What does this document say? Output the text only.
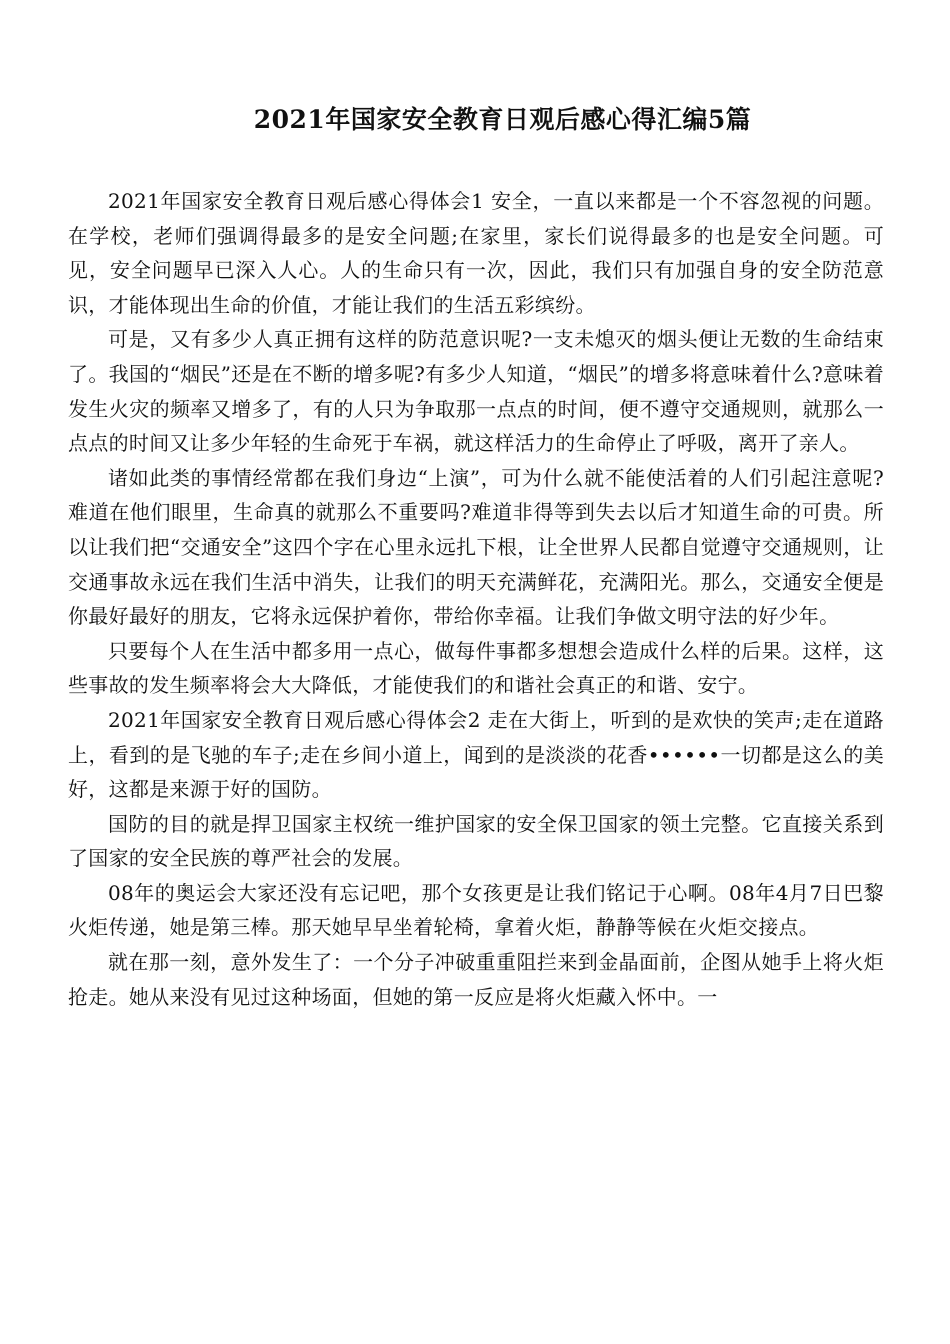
2021年国家安全教育日观后感心得汇编5篇

2021年国家安全教育日观后感心得体会1 安全，一直以来都是一个不容忽视的问题。在学校，老师们强调得最多的是安全问题;在家里，家长们说得最多的也是安全问题。可见，安全问题早已深入人心。人的生命只有一次，因此，我们只有加强自身的安全防范意识，才能体现出生命的价值，才能让我们的生活五彩缤纷。

可是，又有多少人真正拥有这样的防范意识呢?一支未熄灭的烟头便让无数的生命结束了。我国的“烟民”还是在不断的增多呢?有多少人知道，“烟民”的增多将意味着什么?意味着发生火灾的频率又增多了，有的人只为争取那一点点的时间，便不遵守交通规则，就那么一点点的时间又让多少年轻的生命死于车祸，就这样活力的生命停止了呼吸，离开了亲人。

诸如此类的事情经常都在我们身边“上演”，可为什么就不能使活着的人们引起注意呢?难道在他们眼里，生命真的就那么不重要吗?难道非得等到失去以后才知道生命的可贵。所以让我们把“交通安全”这四个字在心里永远扎下根，让全世界人民都自觉遵守交通规则，让交通事故永远在我们生活中消失，让我们的明天充满鲜花，充满阳光。那么，交通安全便是你最好最好的朋友，它将永远保护着你，带给你幸福。让我们争做文明守法的好少年。

只要每个人在生活中都多用一点心，做每件事都多想想会造成什么样的后果。这样，这些事故的发生频率将会大大降低，才能使我们的和谐社会真正的和谐、安宁。

2021年国家安全教育日观后感心得体会2 走在大街上，听到的是欢快的笑声;走在道路上，看到的是飞驰的车子;走在乡间小道上，闻到的是淡淡的花香••••••一切都是这么的美好，这都是来源于好的国防。

国防的目的就是捍卫国家主权统一维护国家的安全保卫国家的领土完整。它直接关系到了国家的安全民族的尊严社会的发展。

08年的奥运会大家还没有忘记吧，那个女孩更是让我们铭记于心啊。08年4月7日巴黎火炬传递，她是第三棒。那天她早早坐着轮椅，拿着火炬，静静等候在火炬交接点。

就在那一刻，意外发生了：一个分子冲破重重阻拦来到金晶面前，企图从她手上将火炬抢走。她从来没有见过这种场面，但她的第一反应是将火炬藏入怀中。一
